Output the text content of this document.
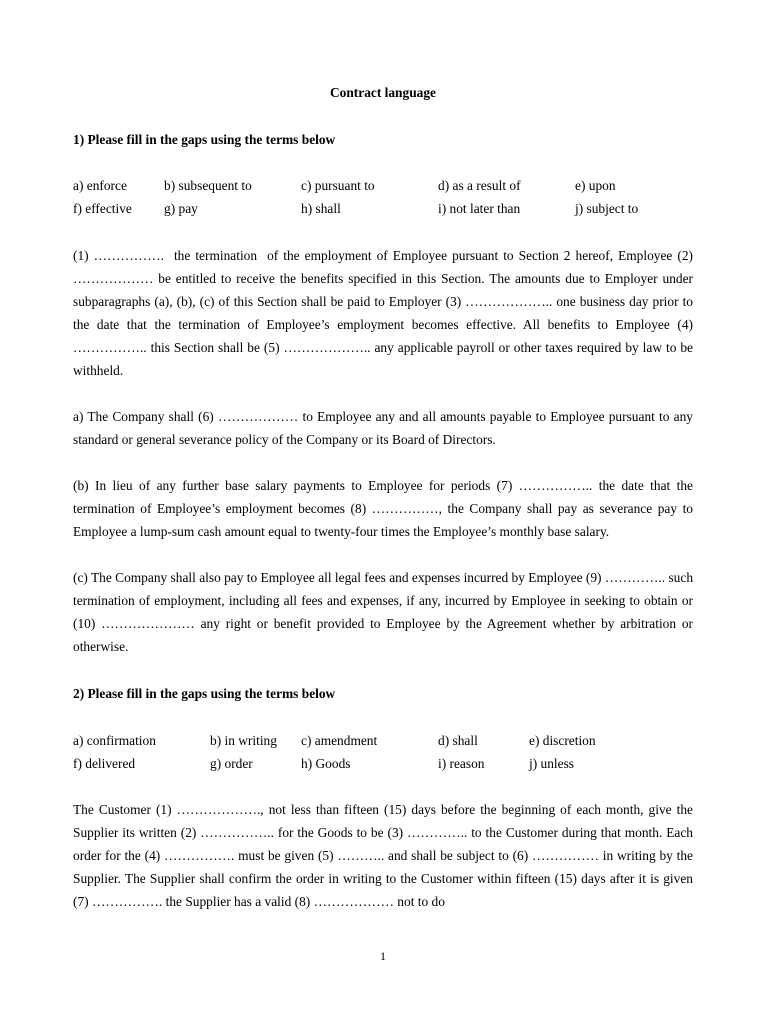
Contract language
1) Please fill in the gaps using the terms below
a) enforce	b) subsequent to	c) pursuant to	d) as a result of	e) upon
f) effective g) pay	h) shall	i) not later than	j) subject to

(1) …………….  the termination  of the employment of Employee pursuant to Section 2 hereof, Employee (2) ……………… be entitled to receive the benefits specified in this Section. The amounts due to Employer under subparagraphs (a), (b), (c) of this Section shall be paid to Employer (3) ……………….. one business day prior to the date that the termination of Employee’s employment becomes effective. All benefits to Employee (4) …………….. this Section shall be (5) ……………….. any applicable payroll or other taxes required by law to be withheld.

a) The Company shall (6) ……………… to Employee any and all amounts payable to Employee pursuant to any standard or general severance policy of the Company or its Board of Directors.

(b) In lieu of any further base salary payments to Employee for periods (7) …………….. the date that the termination of Employee’s employment becomes (8) ……………, the Company shall pay as severance pay to Employee a lump-sum cash amount equal to twenty-four times the Employee’s monthly base salary.

(c) The Company shall also pay to Employee all legal fees and expenses incurred by Employee (9) ………….. such termination of employment, including all fees and expenses, if any, incurred by Employee in seeking to obtain or (10) ………………… any right or benefit provided to Employee by the Agreement whether by arbitration or otherwise.

2) Please fill in the gaps using the terms below
a) confirmation	b) in writing c) amendment	d) shall	e) discretion
f) delivered	g) order	h) Goods	i) reason	j) unless

The Customer (1) ………………., not less than fifteen (15) days before the beginning of each month, give the Supplier its written (2) …………….. for the Goods to be (3) ………….. to the Customer during that month. Each order for the (4) ……………. must be given (5) ……….. and shall be subject to (6) …………… in writing by the Supplier. The Supplier shall confirm the order in writing to the Customer within fifteen (15) days after it is given (7) ……………. the Supplier has a valid (8) ……………… not to do

1
